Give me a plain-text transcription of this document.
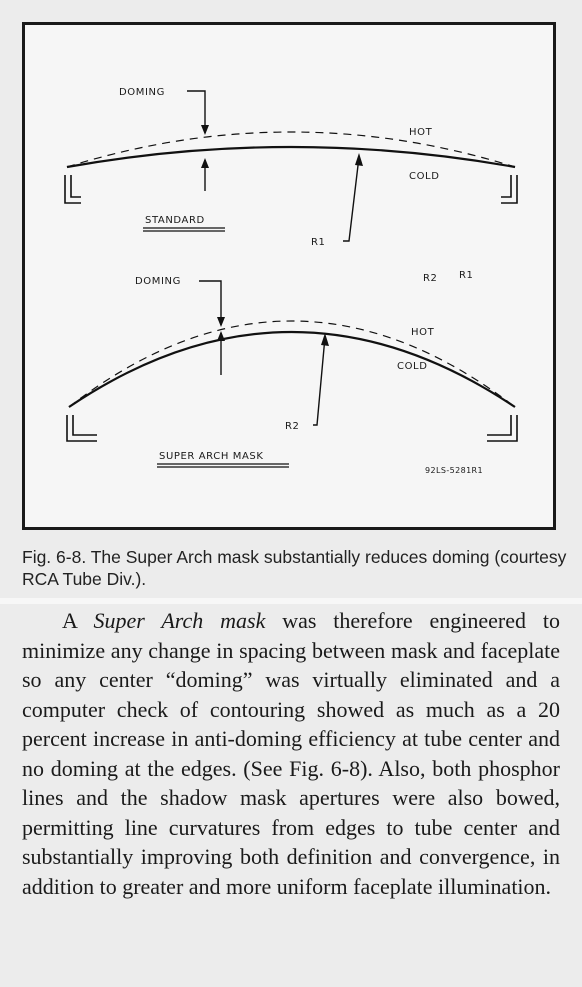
DOMING
HOT
COLD
STANDARD
R1
R2 R1
DOMING
HOT
COLD
R2
SUPER ARCH MASK
92LS-5281R1

Fig. 6-8. The Super Arch mask substantially reduces doming (courtesy RCA Tube Div.).

A Super Arch mask was therefore engineered to minimize any change in spacing between mask and faceplate so any center “doming” was virtually eliminated and a computer check of contouring showed as much as a 20 percent increase in anti-doming efficiency at tube center and no doming at the edges. (See Fig. 6-8). Also, both phosphor lines and the shadow mask apertures were also bowed, permitting line curvatures from edges to tube center and substantially improving both definition and convergence, in addition to greater and more uniform faceplate illumination.
